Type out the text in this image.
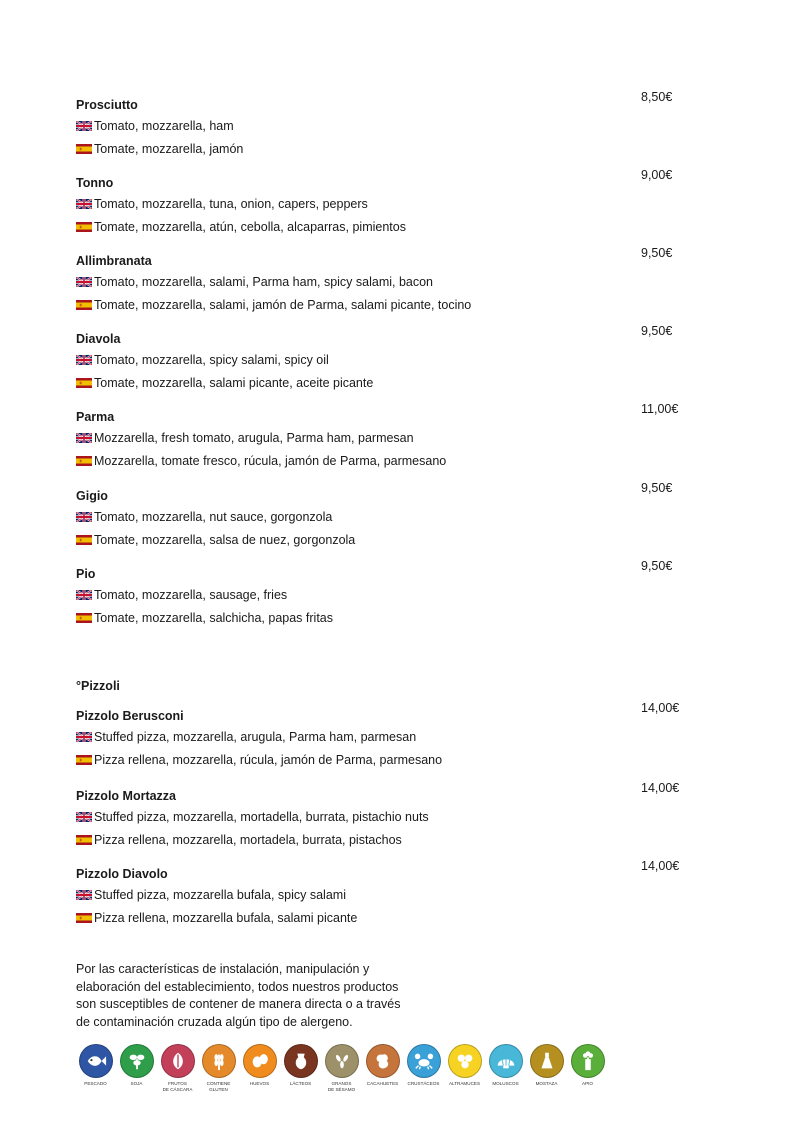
Prosciutto
8,50€
Tomato, mozzarella, ham
Tomate, mozzarella, jamón
Tonno
9,00€
Tomato, mozzarella, tuna, onion, capers, peppers
Tomate, mozzarella, atún, cebolla, alcaparras, pimientos
Allimbranata
9,50€
Tomato, mozzarella, salami, Parma ham, spicy salami, bacon
Tomate, mozzarella, salami, jamón de Parma, salami picante, tocino
Diavola
9,50€
Tomato, mozzarella, spicy salami, spicy oil
Tomate, mozzarella, salami picante, aceite picante
Parma
11,00€
Mozzarella, fresh tomato, arugula, Parma ham, parmesan
Mozzarella, tomate fresco, rúcula, jamón de Parma, parmesano
Gigio
9,50€
Tomato, mozzarella, nut sauce, gorgonzola
Tomate, mozzarella, salsa de nuez, gorgonzola
Pio
9,50€
Tomato, mozzarella, sausage, fries
Tomate, mozzarella, salchicha, papas fritas
°Pizzoli
Pizzolo Berusconi
14,00€
Stuffed pizza, mozzarella, arugula, Parma ham, parmesan
Pizza rellena, mozzarella, rúcula, jamón de Parma, parmesano
Pizzolo Mortazza
14,00€
Stuffed pizza, mozzarella, mortadella, burrata, pistachio nuts
Pizza rellena, mozzarella, mortadela, burrata, pistachos
Pizzolo Diavolo
14,00€
Stuffed pizza, mozzarella bufala, spicy salami
Pizza rellena, mozzarella bufala, salami picante
Por las características de instalación, manipulación y
elaboración del establecimiento, todos nuestros productos
son susceptibles de contener de manera directa o a través
de contaminación cruzada algún tipo de alergeno.
PESCADO	SOJA	FRUTOS
DE CÁSCARA
CONTIENE
GLUTEN
HUEVOS	LÁCTEOS	GRANOS
DE SÉSAMO
CACAHUETES CRUSTÁCEOS ALTRAMUCES	MOLUSCOS	MOSTAZA	APIO
